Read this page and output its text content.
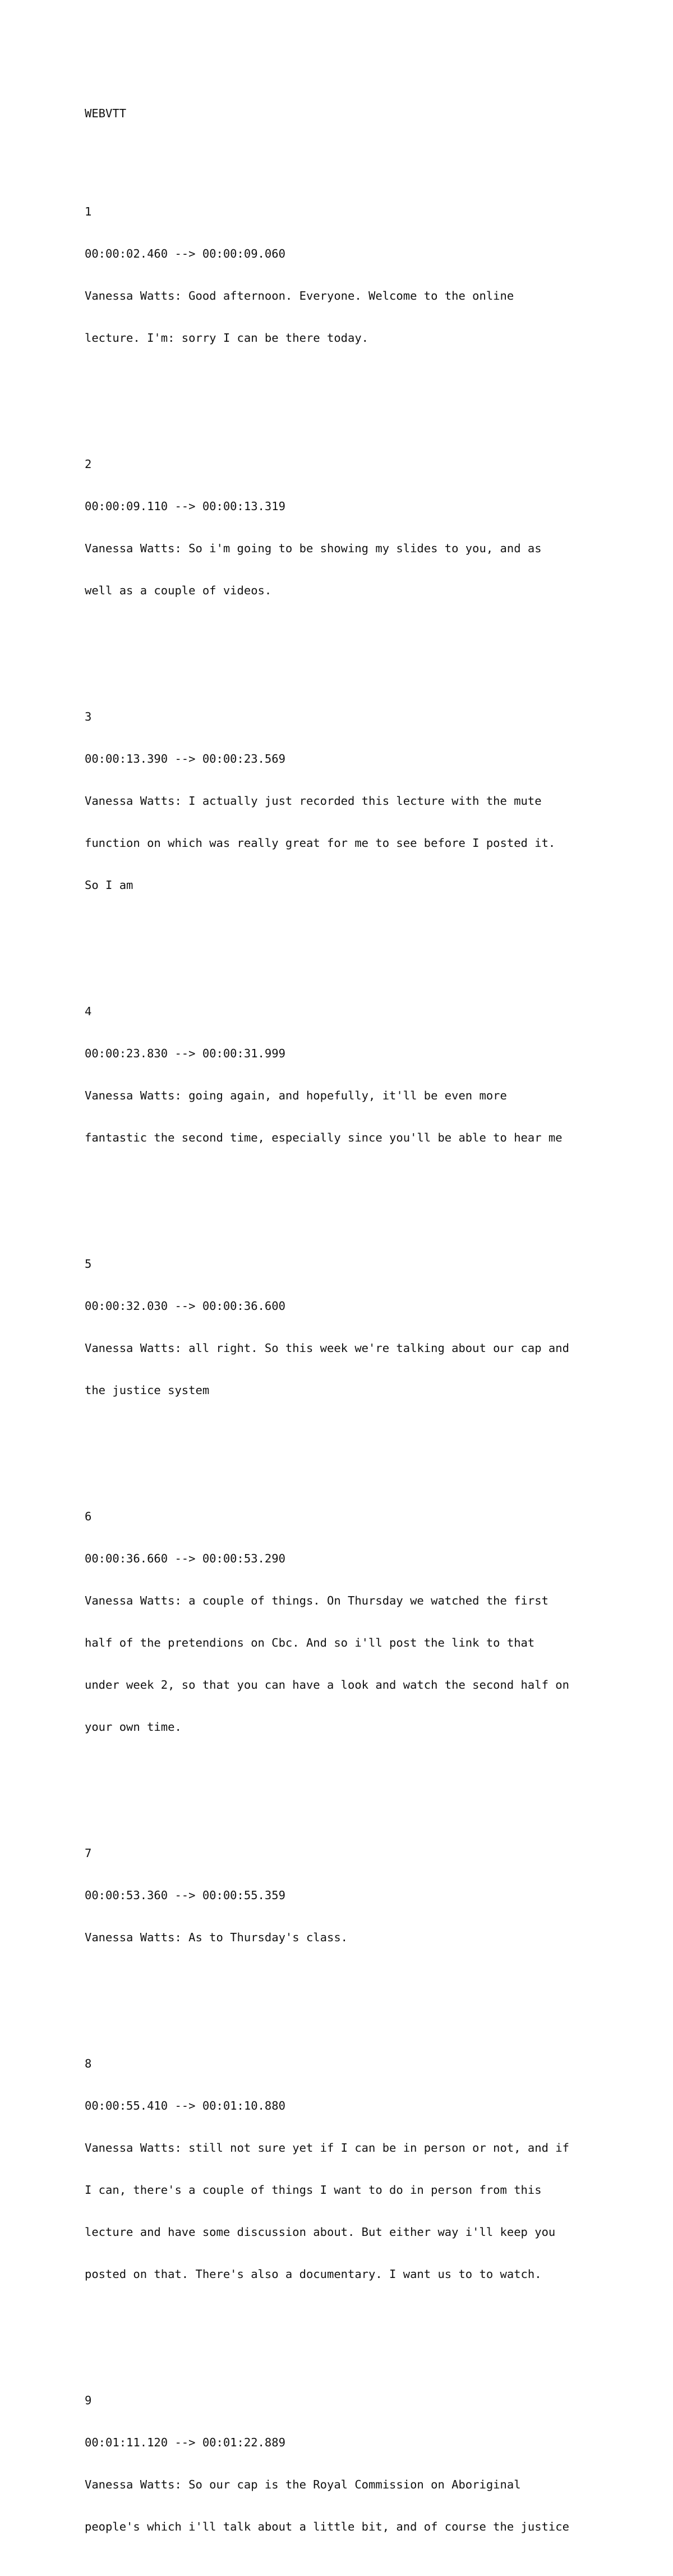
WEBVTT

1

00:00:02.460 --> 00:00:09.060

Vanessa Watts: Good afternoon. Everyone. Welcome to the online

lecture. I'm: sorry I can be there today.

2

00:00:09.110 --> 00:00:13.319

Vanessa Watts: So i'm going to be showing my slides to you, and as

well as a couple of videos.

3

00:00:13.390 --> 00:00:23.569

Vanessa Watts: I actually just recorded this lecture with the mute

function on which was really great for me to see before I posted it.

So I am

4

00:00:23.830 --> 00:00:31.999

Vanessa Watts: going again, and hopefully, it'll be even more

fantastic the second time, especially since you'll be able to hear me

5

00:00:32.030 --> 00:00:36.600

Vanessa Watts: all right. So this week we're talking about our cap and

the justice system

6

00:00:36.660 --> 00:00:53.290

Vanessa Watts: a couple of things. On Thursday we watched the first

half of the pretendions on Cbc. And so i'll post the link to that

under week 2, so that you can have a look and watch the second half on

your own time.

7

00:00:53.360 --> 00:00:55.359

Vanessa Watts: As to Thursday's class.

8

00:00:55.410 --> 00:01:10.880

Vanessa Watts: still not sure yet if I can be in person or not, and if

I can, there's a couple of things I want to do in person from this

lecture and have some discussion about. But either way i'll keep you

posted on that. There's also a documentary. I want us to to watch.

9

00:01:11.120 --> 00:01:22.889

Vanessa Watts: So our cap is the Royal Commission on Aboriginal

people's which i'll talk about a little bit, and of course the justice
